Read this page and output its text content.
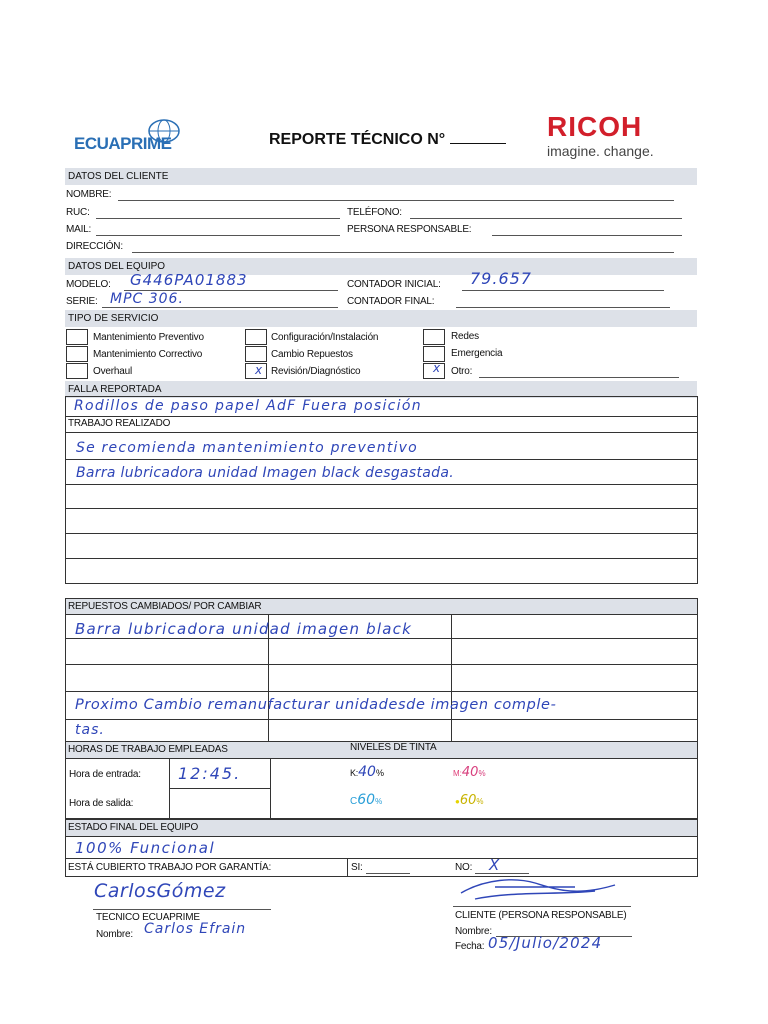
ECUAPRIME	REPORTE TÉCNICO N°	RICOH
imagine. change.
DATOS DEL CLIENTE
NOMBRE:
RUC:	TELÉFONO:
MAIL:	PERSONA RESPONSABLE:
DIRECCIÓN:
DATOS DEL EQUIPO
MODELO: G446PA01883	CONTADOR INICIAL: 79.657
SERIE: MPC 306.	CONTADOR FINAL:
TIPO DE SERVICIO
Mantenimiento Preventivo
Mantenimiento Correctivo
Overhaul
Configuración/Instalación
Cambio Repuestos
x Revisión/Diagnóstico
Redes
Emergencia
x Otro:
FALLA REPORTADA
Rodillos de paso papel AdF Fuera posición
TRABAJO REALIZADO
Se recomienda mantenimiento preventivo
Barra lubricadora unidad Imagen black desgastada.
REPUESTOS CAMBIADOS/ POR CAMBIAR
Barra lubricadora unidad imagen black
Proximo Cambio remanufacturar unidadesde imagen comple-
tas.
HORAS DE TRABAJO EMPLEADAS	NIVELES DE TINTA
Hora de entrada: 12:45.
Hora de salida:
K:40%	M:40%
C60%	●60%
ESTADO FINAL DEL EQUIPO
100% Funcional
ESTÁ CUBIERTO TRABAJO POR GARANTÍA:	SI:	NO: X
CarlosGómez
TECNICO ECUAPRIME
Nombre: Carlos Efrain
CLIENTE (PERSONA RESPONSABLE)
Nombre:
Fecha: 05/Julio/2024
